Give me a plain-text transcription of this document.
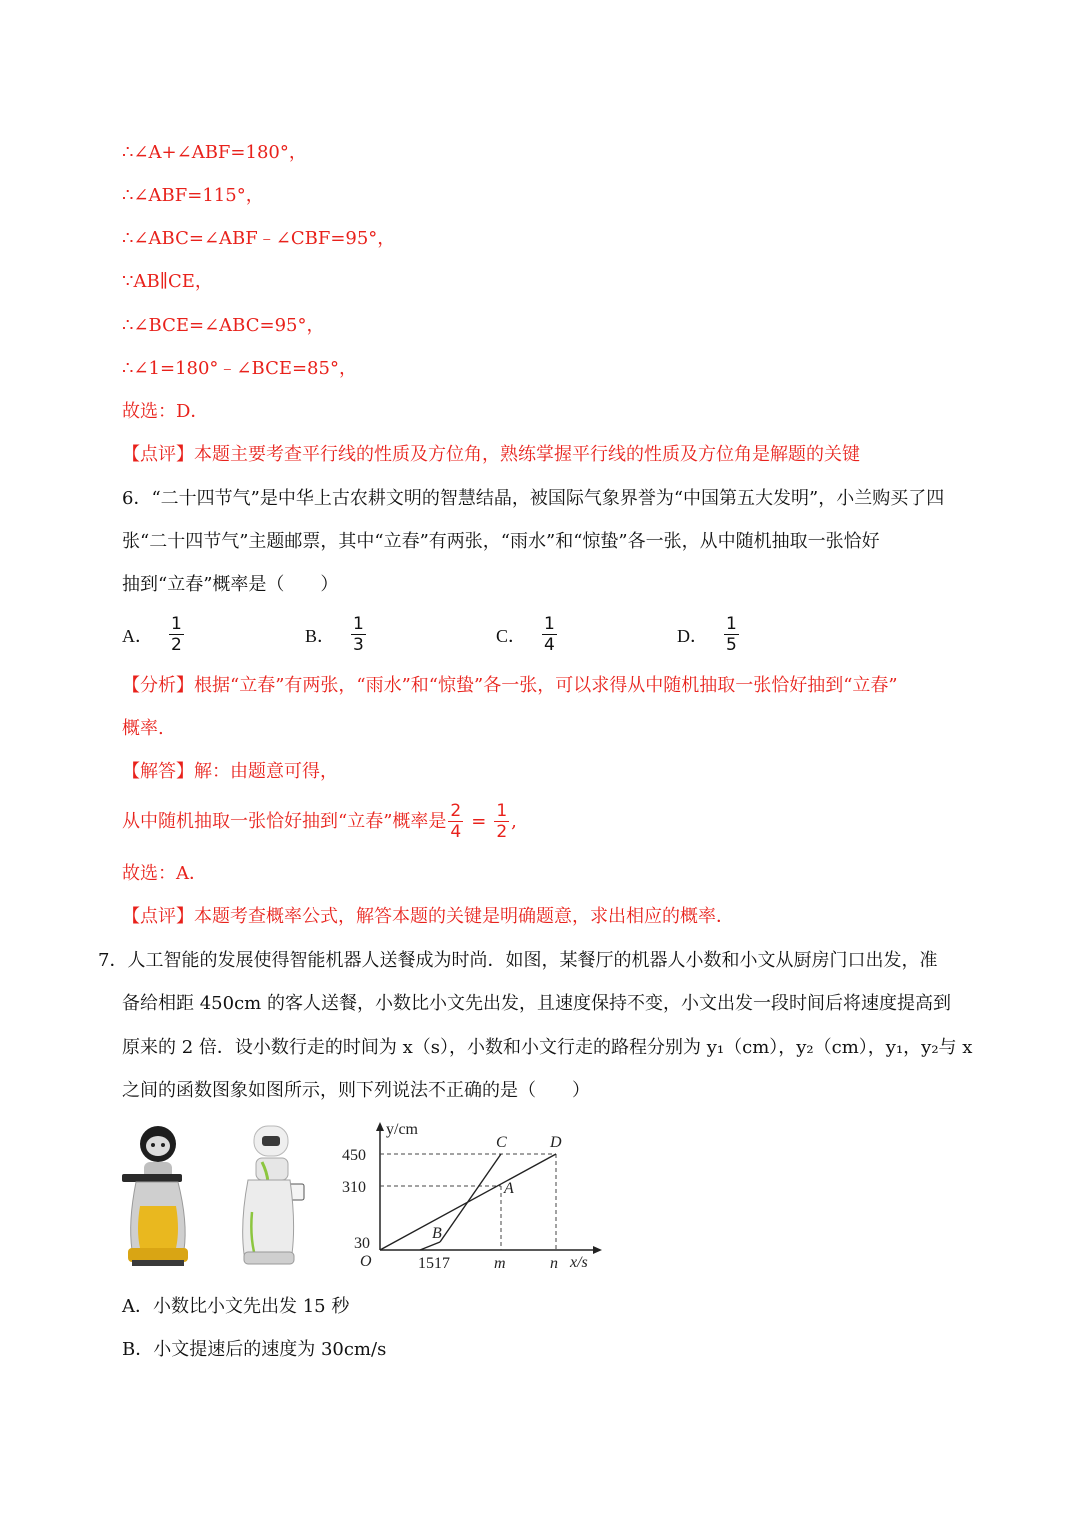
∴∠A+∠ABF=180°，
∴∠ABF=115°，
∴∠ABC=∠ABF﹣∠CBF=95°，
∵AB∥CE，
∴∠BCE=∠ABC=95°，
∴∠1=180°﹣∠BCE=85°，
故选：D．
【点评】本题主要考查平行线的性质及方位角，熟练掌握平行线的性质及方位角是解题的关键
6．“二十四节气”是中华上古农耕文明的智慧结晶，被国际气象界誉为“中国第五大发明”，小兰购买了四
张“二十四节气”主题邮票，其中“立春”有两张，“雨水”和“惊蛰”各一张，从中随机抽取一张恰好
抽到“立春”概率是（　　）
A．
1
2	B．
1
3	C．
1
4	D．
1
5
【分析】根据“立春”有两张，“雨水”和“惊蛰”各一张，可以求得从中随机抽取一张恰好抽到“立春”
概率.
【解答】解：由题意可得，
从中随机抽取一张恰好抽到“立春”概率是 2
4
= 1
2
,
故选：A．
【点评】本题考查概率公式，解答本题的关键是明确题意，求出相应的概率．
7．人工智能的发展使得智能机器人送餐成为时尚．如图，某餐厅的机器人小数和小文从厨房门口出发，准
备给相距 450cm 的客人送餐，小数比小文先出发，且速度保持不变，小文出发一段时间后将速度提高到
原来的 2 倍．设小数行走的时间为 x（s），小数和小文行走的路程分别为 y₁（cm），y₂（cm），y₁，y₂与 x
之间的函数图象如图所示，则下列说法不正确的是（　　）
y/cm
x/s
O
450
310
30
1517	m	n
A
B
C	D
A．小数比小文先出发 15 秒
B．小文提速后的速度为 30cm/s
